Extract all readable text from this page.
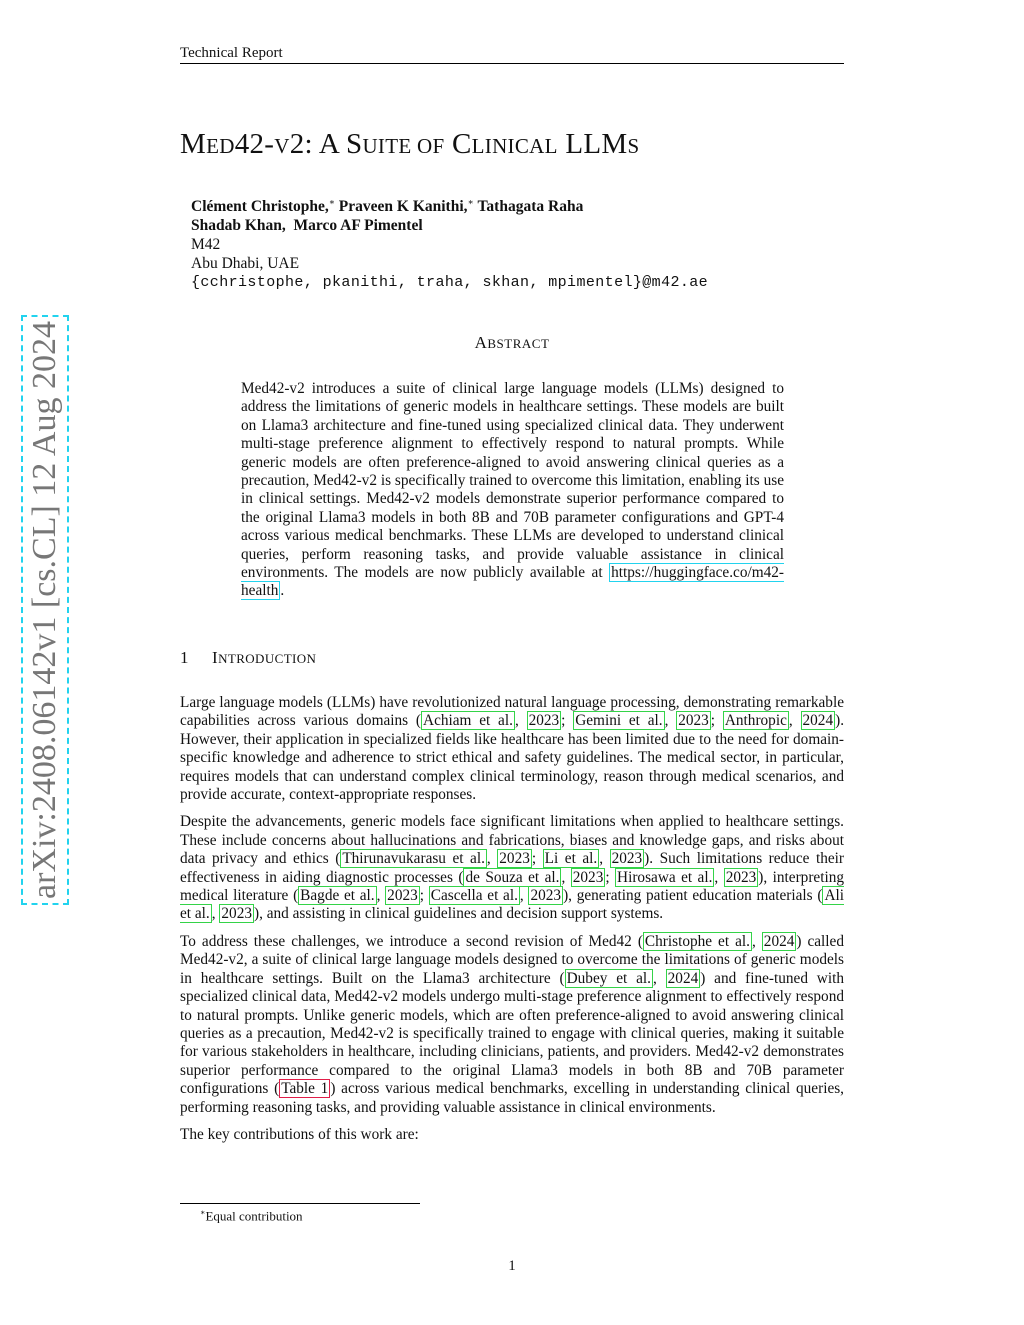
Technical Report
MED42-V2: A SUITE OF CLINICAL LLMS
Clément Christophe,∗ Praveen K Kanithi,∗ Tathagata Raha
Shadab Khan, Marco AF Pimentel
M42
Abu Dhabi, UAE
{cchristophe, pkanithi, traha, skhan, mpimentel}@m42.ae
arXiv:2408.06142v1 [cs.CL] 12 Aug 2024	ABSTRACT
Med42-v2 introduces a suite of clinical large language models (LLMs) designed to address the limitations of generic models in healthcare settings. These models are built on Llama3 architecture and fine-tuned using specialized clinical data. They underwent multi-stage preference alignment to effectively respond to natural prompts. While generic models are often preference-aligned to avoid answering clinical queries as a precaution, Med42-v2 is specifically trained to overcome this limitation, enabling its use in clinical settings. Med42-v2 models demonstrate superior performance compared to the original Llama3 models in both 8B and 70B parameter configurations and GPT-4 across various medical benchmarks. These LLMs are developed to understand clinical queries, perform reasoning tasks, and provide valuable assistance in clinical environments. The models are now publicly available at https://huggingface.co/m42-health .
1 INTRODUCTION

Large language models (LLMs) have revolutionized natural language processing, demonstrating remarkable capabilities across various domains ( Achiam et al. , 2023 ; Gemini et al. , 2023 ; Anthropic , 2024 ). However, their application in specialized fields like healthcare has been limited due to the need for domain-specific knowledge and adherence to strict ethical and safety guidelines. The medical sector, in particular, requires models that can understand complex clinical terminology, reason through medical scenarios, and provide accurate, context-appropriate responses.

Despite the advancements, generic models face significant limitations when applied to healthcare settings. These include concerns about hallucinations and fabrications, biases and knowledge gaps, and risks about data privacy and ethics ( Thirunavukarasu et al. , 2023 ; Li et al. , 2023 ). Such limitations reduce their effectiveness in aiding diagnostic processes ( de Souza et al. , 2023 ; Hirosawa et al. , 2023 ), interpreting medical literature ( Bagde et al. , 2023 ; Cascella et al. , 2023 ), generating patient education materials ( Ali et al. , 2023 ), and assisting in clinical guidelines and decision support systems.

To address these challenges, we introduce a second revision of Med42 ( Christophe et al. , 2024 ) called Med42-v2, a suite of clinical large language models designed to overcome the limitations of generic models in healthcare settings. Built on the Llama3 architecture ( Dubey et al. , 2024 ) and fine-tuned with specialized clinical data, Med42-v2 models undergo multi-stage preference alignment to effectively respond to natural prompts. Unlike generic models, which are often preference-aligned to avoid answering clinical queries as a precaution, Med42-v2 is specifically trained to engage with clinical queries, making it suitable for various stakeholders in healthcare, including clinicians, patients, and providers. Med42-v2 demonstrates superior performance compared to the original Llama3 models in both 8B and 70B parameter configurations ( Table 1 ) across various medical benchmarks, excelling in understanding clinical queries, performing reasoning tasks, and providing valuable assistance in clinical environments.

The key contributions of this work are:

∗Equal contribution
1
